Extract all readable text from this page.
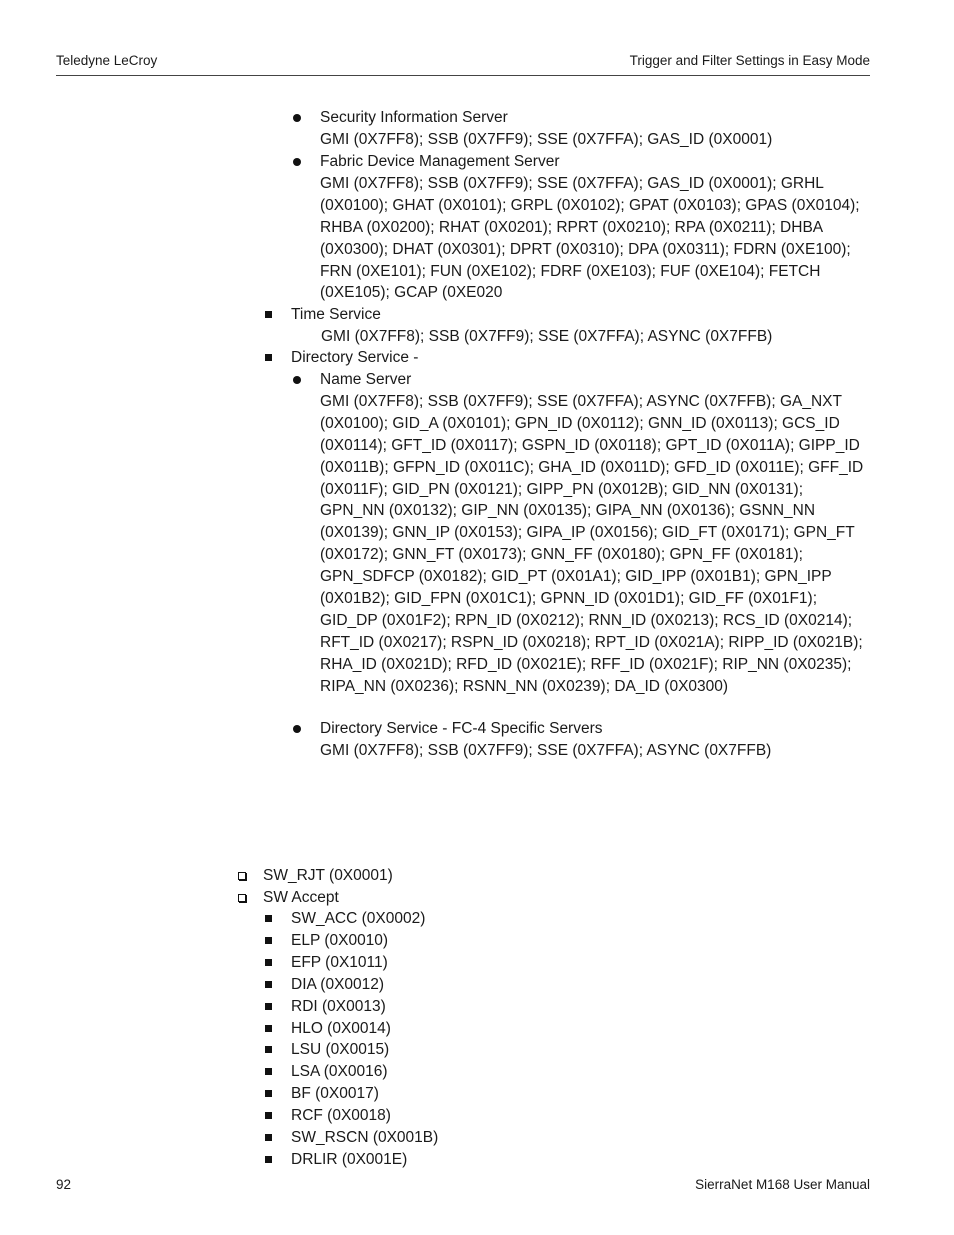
Teledyne LeCroy	Trigger and Filter Settings in Easy Mode
Security Information Server
GMI (0X7FF8); SSB (0X7FF9); SSE (0X7FFA); GAS_ID (0X0001)
Fabric Device Management Server
GMI (0X7FF8); SSB (0X7FF9); SSE (0X7FFA); GAS_ID (0X0001); GRHL (0X0100); GHAT (0X0101); GRPL (0X0102); GPAT (0X0103); GPAS (0X0104); RHBA (0X0200); RHAT (0X0201); RPRT (0X0210); RPA (0X0211); DHBA (0X0300); DHAT (0X0301); DPRT (0X0310); DPA (0X0311); FDRN (0XE100); FRN (0XE101); FUN (0XE102); FDRF (0XE103); FUF (0XE104); FETCH (0XE105); GCAP (0XE020
Time Service
GMI (0X7FF8); SSB (0X7FF9); SSE (0X7FFA); ASYNC (0X7FFB)
Directory Service -
Name Server
GMI (0X7FF8); SSB (0X7FF9); SSE (0X7FFA); ASYNC (0X7FFB); GA_NXT (0X0100); GID_A (0X0101); GPN_ID (0X0112); GNN_ID (0X0113); GCS_ID (0X0114); GFT_ID (0X0117); GSPN_ID (0X0118); GPT_ID (0X011A); GIPP_ID (0X011B); GFPN_ID (0X011C); GHA_ID (0X011D); GFD_ID (0X011E); GFF_ID (0X011F); GID_PN (0X0121); GIPP_PN (0X012B); GID_NN (0X0131); GPN_NN (0X0132); GIP_NN (0X0135); GIPA_NN (0X0136); GSNN_NN (0X0139); GNN_IP (0X0153); GIPA_IP (0X0156); GID_FT (0X0171); GPN_FT (0X0172); GNN_FT (0X0173); GNN_FF (0X0180); GPN_FF (0X0181); GPN_SDFCP (0X0182); GID_PT (0X01A1); GID_IPP (0X01B1); GPN_IPP (0X01B2); GID_FPN (0X01C1); GPNN_ID (0X01D1); GID_FF (0X01F1); GID_DP (0X01F2); RPN_ID (0X0212); RNN_ID (0X0213); RCS_ID (0X0214); RFT_ID (0X0217); RSPN_ID (0X0218); RPT_ID (0X021A); RIPP_ID (0X021B); RHA_ID (0X021D); RFD_ID (0X021E); RFF_ID (0X021F); RIP_NN (0X0235); RIPA_NN (0X0236); RSNN_NN (0X0239); DA_ID (0X0300)
Directory Service - FC-4 Specific Servers
GMI (0X7FF8); SSB (0X7FF9); SSE (0X7FFA); ASYNC (0X7FFB)
SW_RJT (0X0001)
SW Accept
SW_ACC (0X0002)
ELP (0X0010)
EFP (0X1011)
DIA (0X0012)
RDI (0X0013)
HLO (0X0014)
LSU (0X0015)
LSA (0X0016)
BF (0X0017)
RCF (0X0018)
SW_RSCN (0X001B)
DRLIR (0X001E)
92	SierraNet M168 User Manual
